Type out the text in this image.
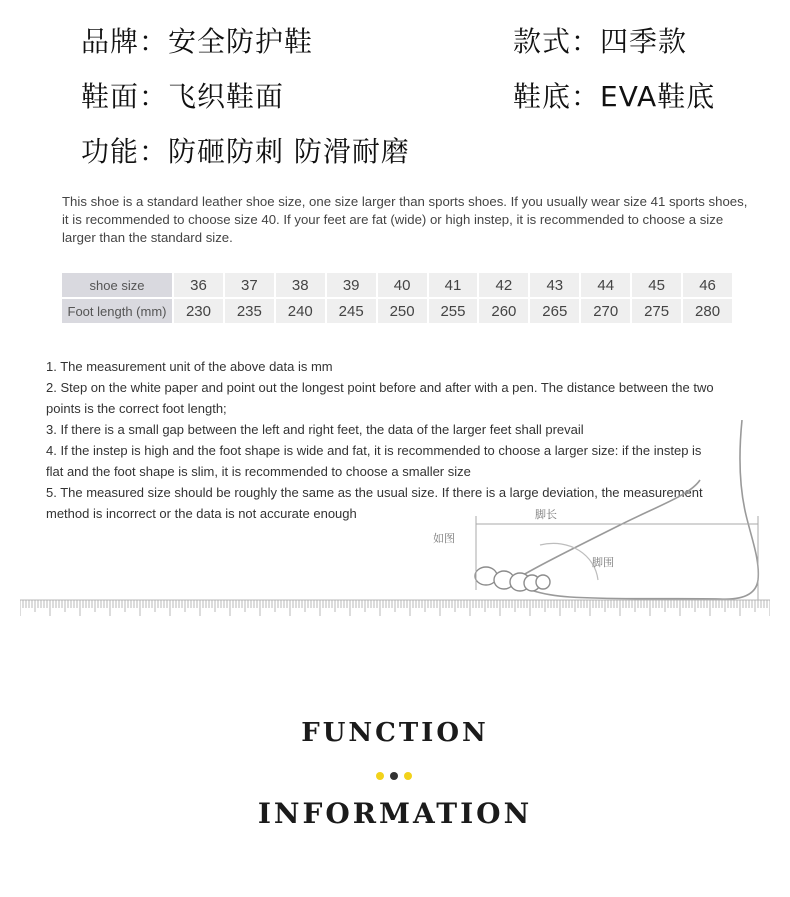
品牌：安全防护鞋	款式：四季款
鞋面：飞织鞋面	鞋底：EVA鞋底
功能：防砸防刺 防滑耐磨
This shoe is a standard leather shoe size, one size larger than sports shoes. If you usually wear size 41 sports shoes, it is recommended to choose size 40. If your feet are fat (wide) or high instep, it is recommended to choose a size larger than the standard size.
shoe size	36	37	38	39	40	41	42	43	44	45	46
Foot length (mm)	230	235	240	245	250	255	260	265	270	275	280

1. The measurement unit of the above data is mm

2. Step on the white paper and point out the longest point before and after with a pen. The distance between the two points is the correct foot length;

3. If there is a small gap between the left and right feet, the data of the larger feet shall prevail

4. If the instep is high and the foot shape is wide and fat, it is recommended to choose a larger size: if the instep is flat and the foot shape is slim, it is recommended to choose a smaller size

5. The measured size should be roughly the same as the usual size. If there is a large deviation, the measurement method is incorrect or the data is not accurate enough	脚长
如图
脚围
FUNCTION
INFORMATION
